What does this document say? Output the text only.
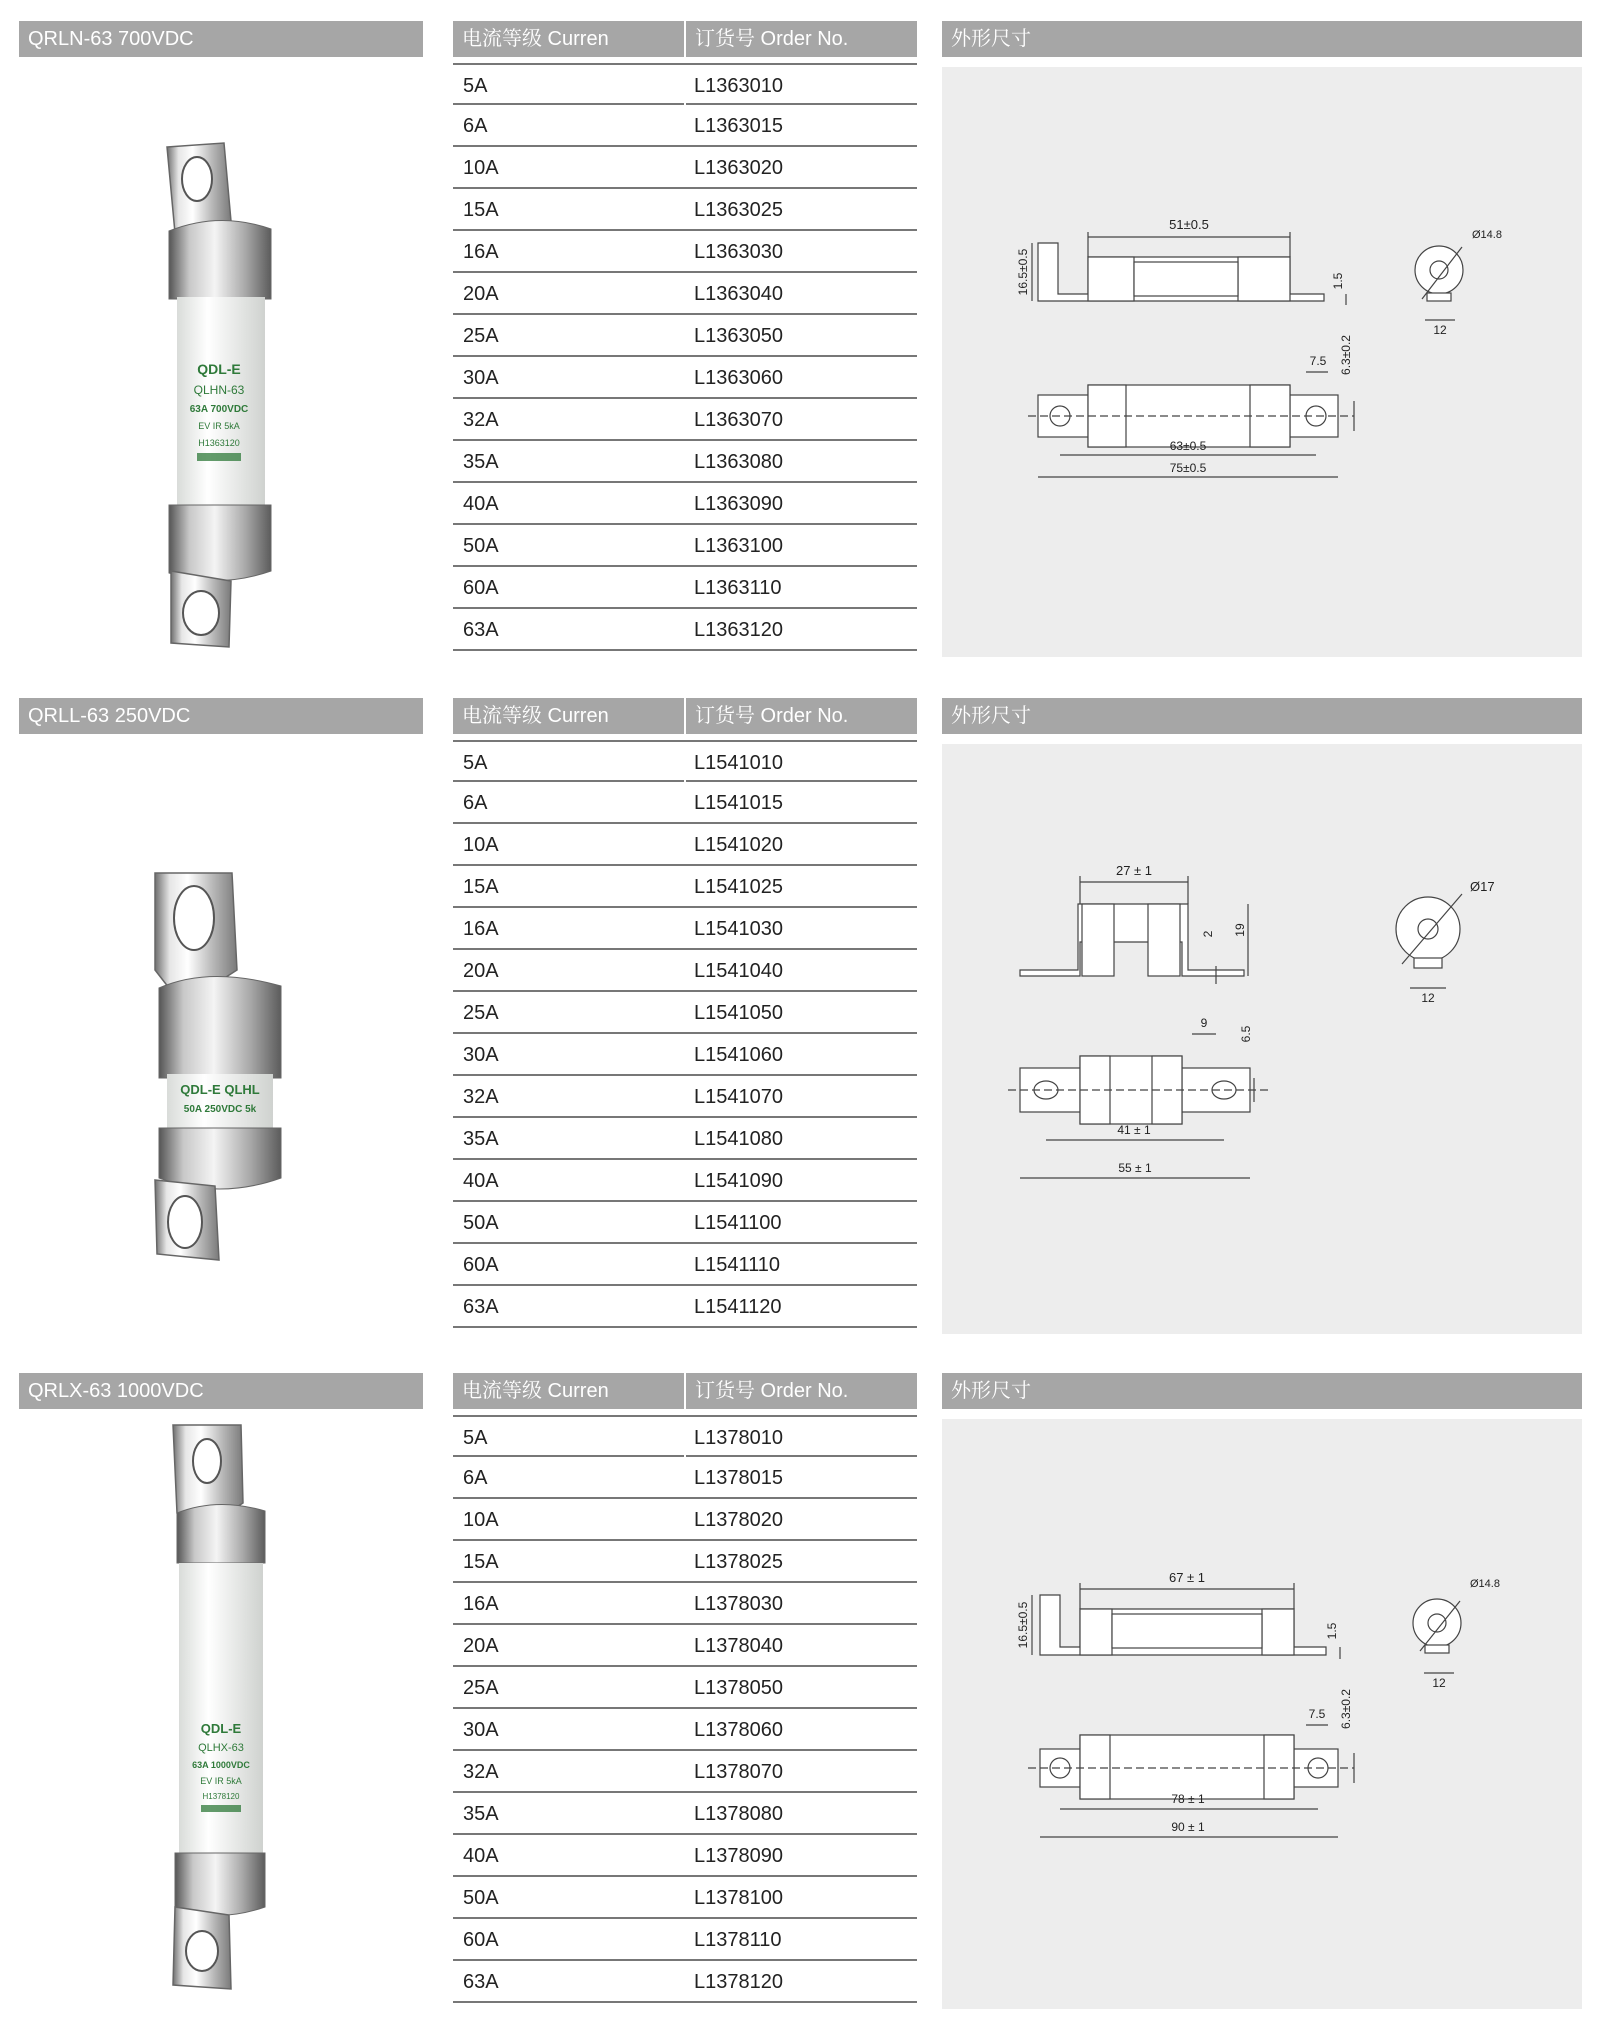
QRLN-63 700VDC	电流等级 Curren	订货号 Order No.	外形尺寸
QDL-E
QLHN-63
63A 700VDC
EV IR 5kA
H1363120
5A	L1363010
6A	L1363015
10A	L1363020
15A	L1363025
16A	L1363030
20A	L1363040
25A	L1363050
30A	L1363060
32A	L1363070
35A	L1363080
40A	L1363090
50A	L1363100
60A	L1363110
63A	L1363120
51±0.5
16.5±0.5	1.5
Ø14.8
12
7.5 6.3±0.2
63±0.5
75±0.5
QRLL-63 250VDC	电流等级 Curren	订货号 Order No.	外形尺寸
QDL-E QLHL
50A 250VDC 5k
5A	L1541010
6A	L1541015
10A	L1541020
15A	L1541025
16A	L1541030
20A	L1541040
25A	L1541050
30A	L1541060
32A	L1541070
35A	L1541080
40A	L1541090
50A	L1541100
60A	L1541110
63A	L1541120
27 ± 1
2 19
Ø17
12
9
6.5
41 ± 1
55 ± 1
QRLX-63 1000VDC	电流等级 Curren	订货号 Order No.	外形尺寸
QDL-E
QLHX-63
63A 1000VDC
EV IR 5kA
H1378120
5A	L1378010
6A	L1378015
10A	L1378020
15A	L1378025
16A	L1378030
20A	L1378040
25A	L1378050
30A	L1378060
32A	L1378070
35A	L1378080
40A	L1378090
50A	L1378100
60A	L1378110
63A	L1378120
67 ± 1
16.5±0.5	1.5
Ø14.8
12
7.5 6.3±0.2
78 ± 1
90 ± 1
